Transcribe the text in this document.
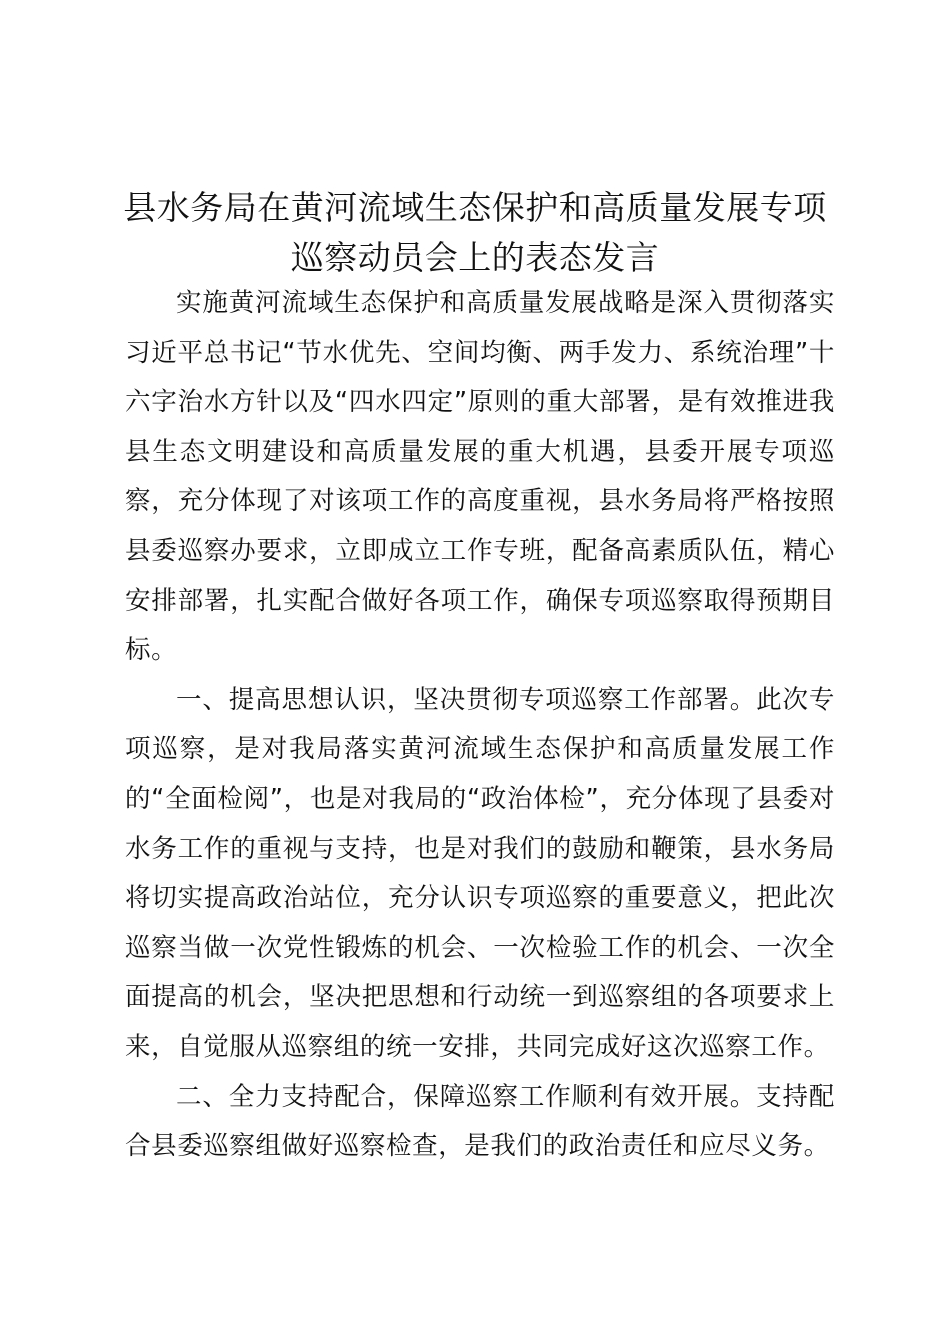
县水务局在黄河流域生态保护和高质量发展专项巡察动员会上的表态发言

实施黄河流域生态保护和高质量发展战略是深入贯彻落实习近平总书记“节水优先、空间均衡、两手发力、系统治理”十六字治水方针以及“四水四定”原则的重大部署，是有效推进我县生态文明建设和高质量发展的重大机遇，县委开展专项巡察，充分体现了对该项工作的高度重视，县水务局将严格按照县委巡察办要求，立即成立工作专班，配备高素质队伍，精心安排部署，扎实配合做好各项工作，确保专项巡察取得预期目标。

一、提高思想认识，坚决贯彻专项巡察工作部署。此次专项巡察，是对我局落实黄河流域生态保护和高质量发展工作的“全面检阅”，也是对我局的“政治体检”，充分体现了县委对水务工作的重视与支持，也是对我们的鼓励和鞭策，县水务局将切实提高政治站位，充分认识专项巡察的重要意义，把此次巡察当做一次党性锻炼的机会、一次检验工作的机会、一次全面提高的机会，坚决把思想和行动统一到巡察组的各项要求上来，自觉服从巡察组的统一安排，共同完成好这次巡察工作。

二、全力支持配合，保障巡察工作顺利有效开展。支持配合县委巡察组做好巡察检查，是我们的政治责任和应尽义务。
